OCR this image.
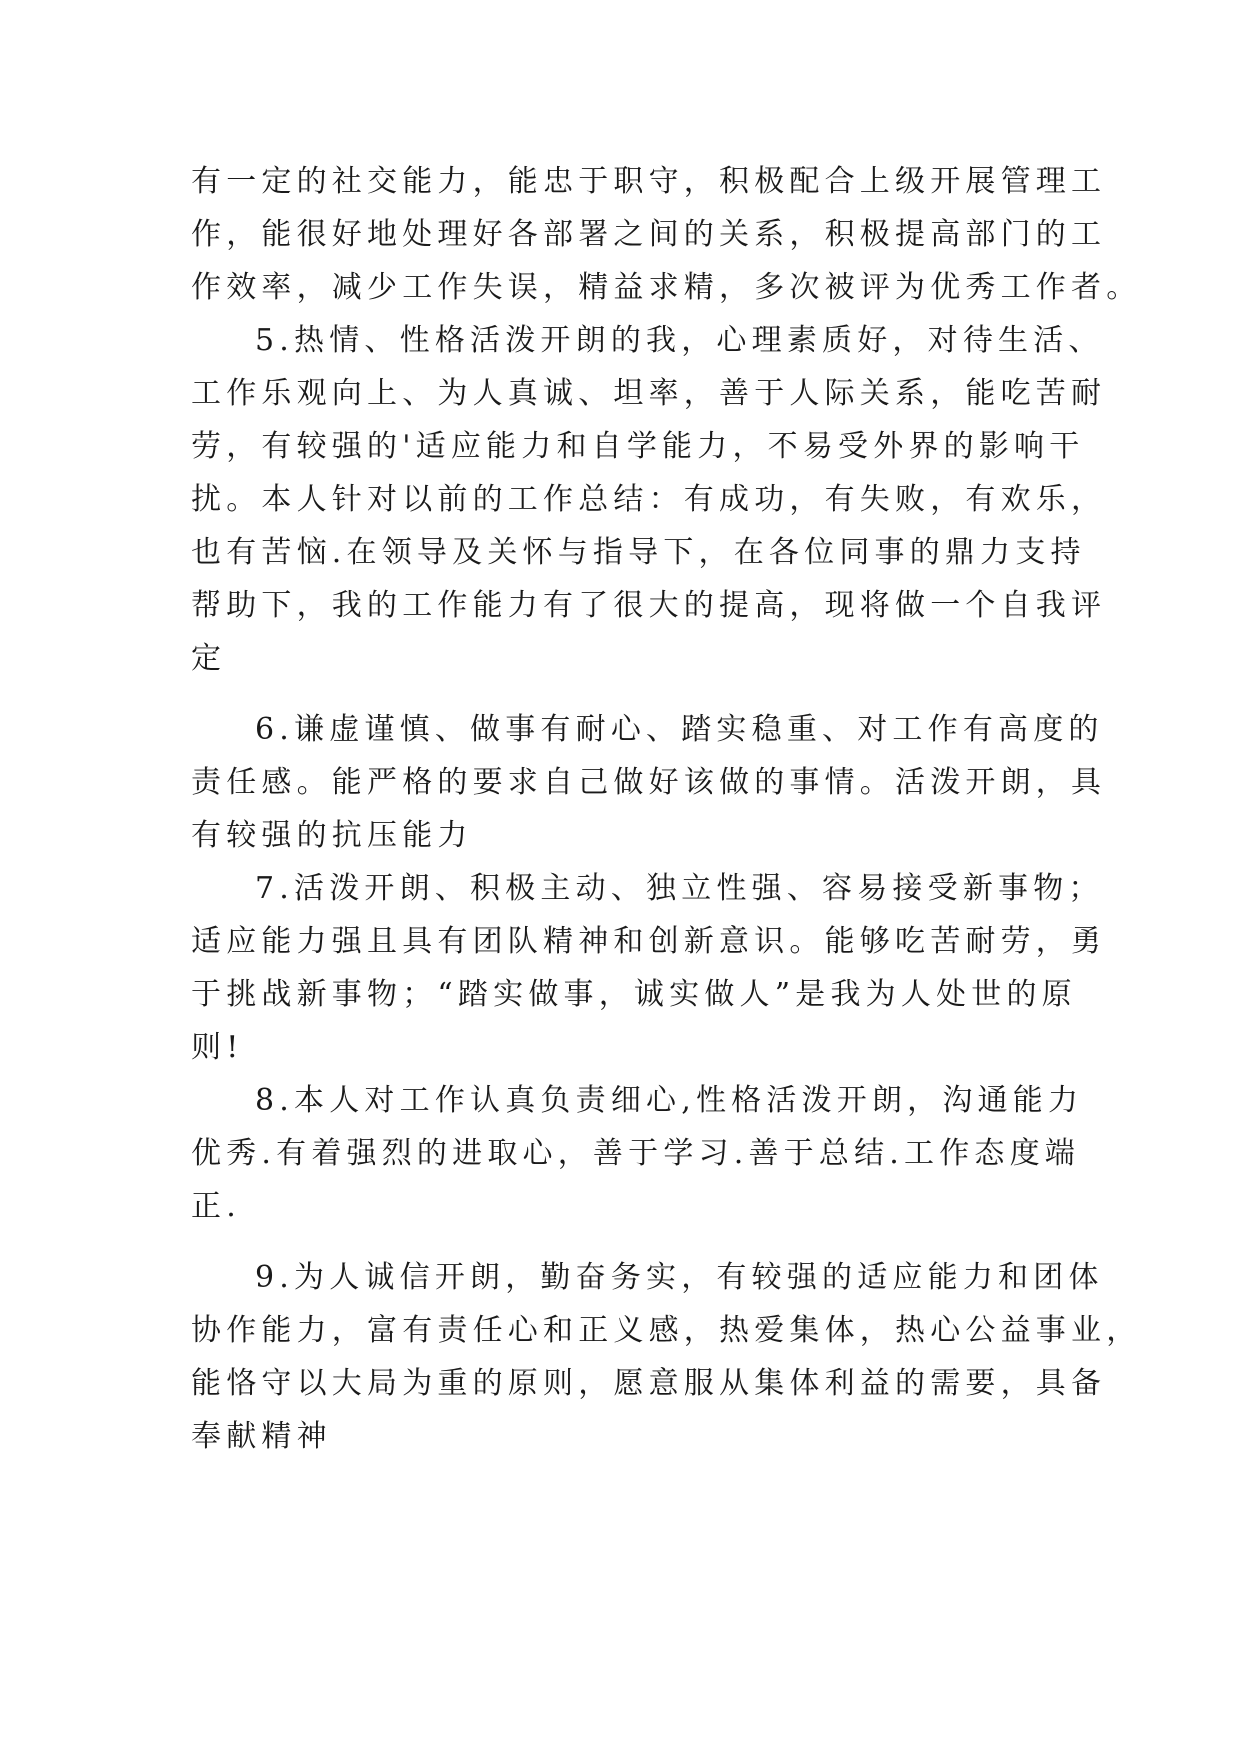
有一定的社交能力，能忠于职守，积极配合上级开展管理工
作，能很好地处理好各部署之间的关系，积极提高部门的工
作效率，减少工作失误，精益求精，多次被评为优秀工作者。
5.热情、性格活泼开朗的我，心理素质好，对待生活、
工作乐观向上、为人真诚、坦率，善于人际关系，能吃苦耐
劳，有较强的'适应能力和自学能力，不易受外界的影响干
扰。本人针对以前的工作总结：有成功，有失败，有欢乐，
也有苦恼.在领导及关怀与指导下，在各位同事的鼎力支持
帮助下，我的工作能力有了很大的提高，现将做一个自我评
定
6.谦虚谨慎、做事有耐心、踏实稳重、对工作有高度的
责任感。能严格的要求自己做好该做的事情。活泼开朗，具
有较强的抗压能力
7.活泼开朗、积极主动、独立性强、容易接受新事物；
适应能力强且具有团队精神和创新意识。能够吃苦耐劳，勇
于挑战新事物；“踏实做事，诚实做人”是我为人处世的原
则!
8.本人对工作认真负责细心,性格活泼开朗，沟通能力
优秀.有着强烈的进取心，善于学习.善于总结.工作态度端
正.
9.为人诚信开朗，勤奋务实，有较强的适应能力和团体
协作能力，富有责任心和正义感，热爱集体，热心公益事业，
能恪守以大局为重的原则，愿意服从集体利益的需要，具备
奉献精神
